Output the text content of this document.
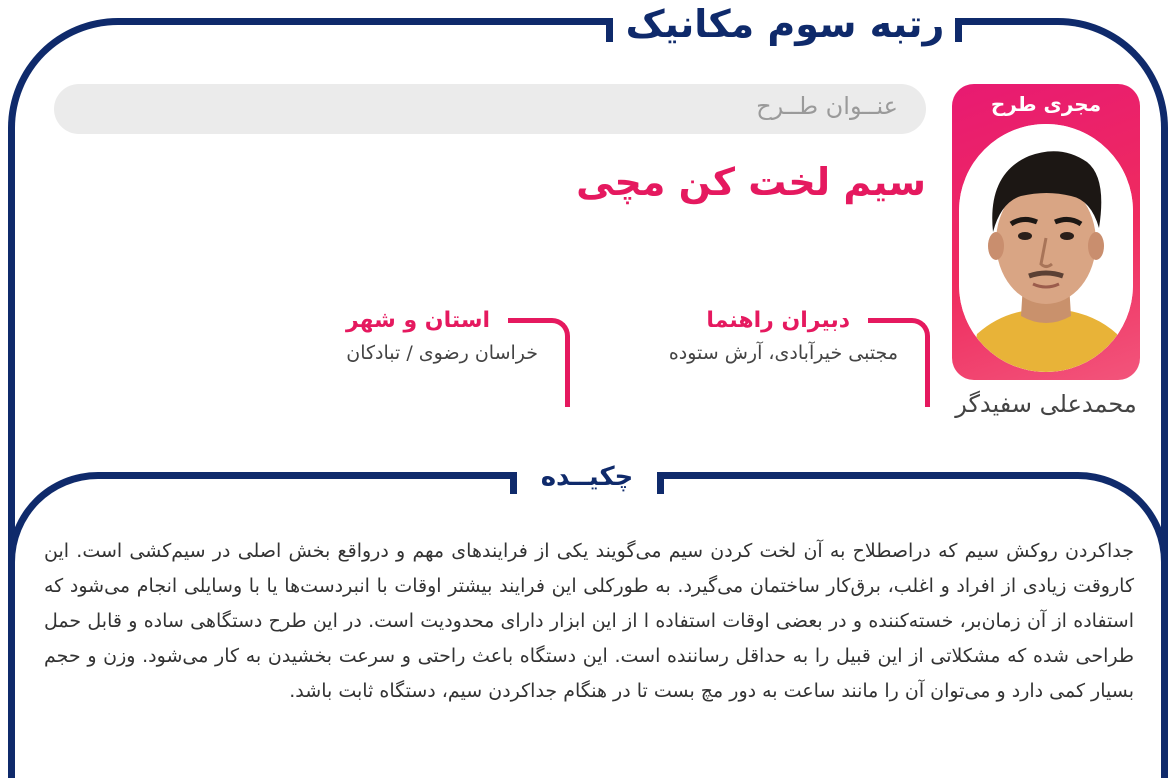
رتبه سوم مکانیک
عنــوان طــرح
سیم لخت کن مچی
مجری طرح
محمدعلی سفیدگر
دبیران راهنما
مجتبی خیرآبادی، آرش ستوده
استان و شهر
خراسان رضوی / تبادکان
چکیــده
جداکردن روکش سیم که دراصطلاح به آن لخت کردن سیم می‌گویند یکی از فرایندهای مهم و درواقع بخش اصلی در سیم‌کشی است. این کاروقت زیادی از افراد و اغلب، برق‌کار ساختمان می‌گیرد. به طورکلی این فرایند بیشتر اوقات با انبردست‌ها یا با وسایلی انجام می‌شود که استفاده از آن زمان‌بر، خسته‌کننده و در بعضی اوقات استفاده ا از این ابزار دارای محدودیت است. در این طرح دستگاهی ساده و قابل حمل طراحی شده که مشکلاتی از این قبیل را به حداقل رساننده است. این دستگاه باعث راحتی و سرعت بخشیدن به کار می‌شود. وزن و حجم بسیار کمی دارد و می‌توان آن را مانند ساعت به دور مچ بست تا در هنگام جداکردن سیم، دستگاه ثابت باشد.
